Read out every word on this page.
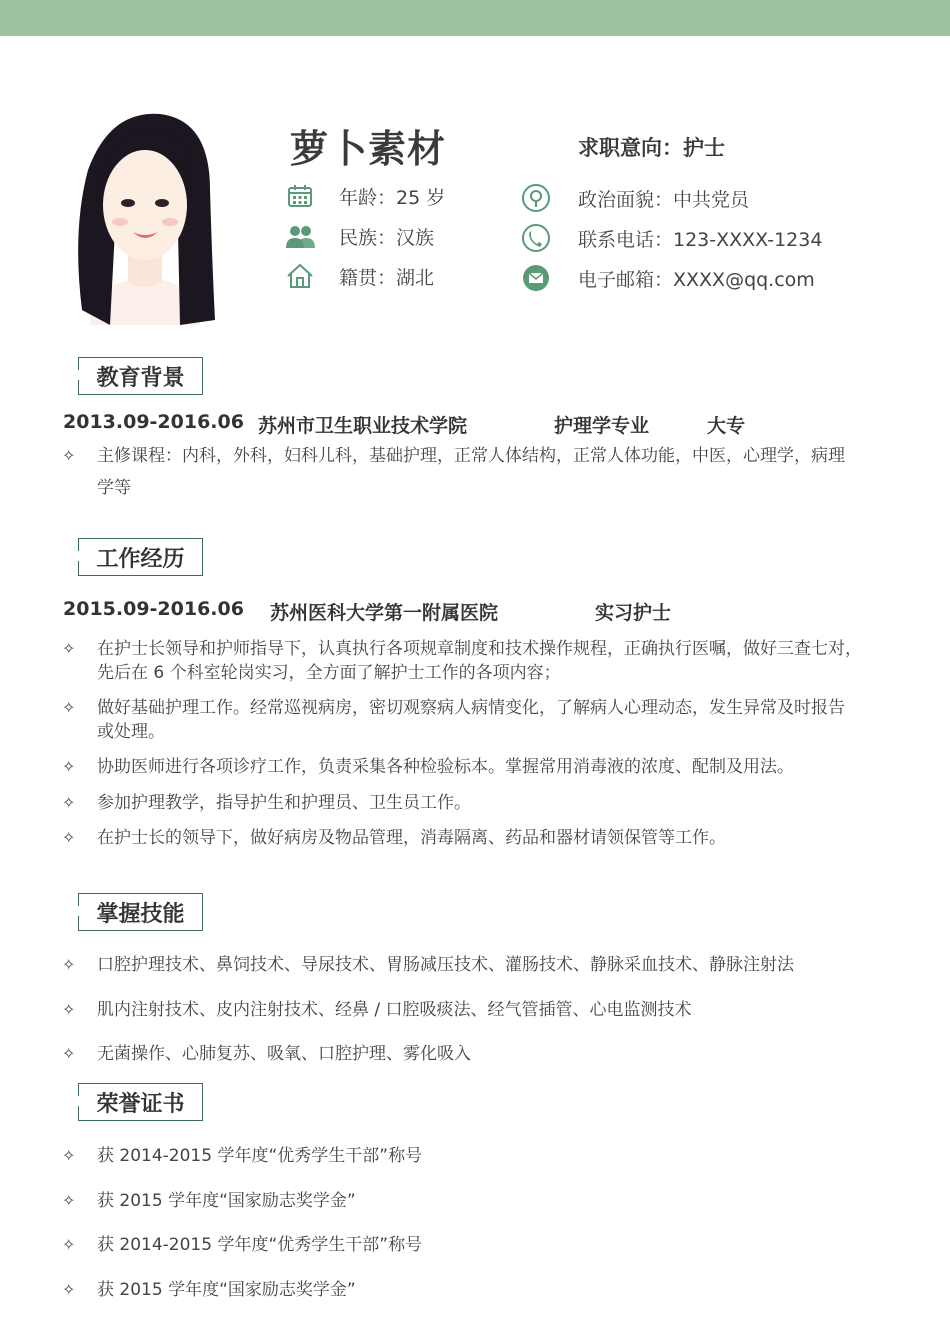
萝卜素材	求职意向：护士
年龄：25 岁
民族：汉族
籍贯：湖北
政治面貌：中共党员
联系电话：123-XXXX-1234
电子邮箱：XXXX@qq.com
教育背景
2013.09-2016.06 苏州市卫生职业技术学院	护理学专业	大专
✧ 主修课程：内科，外科，妇科儿科，基础护理，正常人体结构，正常人体功能，中医，心理学，病理
学等
工作经历
2015.09-2016.06 苏州医科大学第一附属医院	实习护士
✧ 在护士长领导和护师指导下，认真执行各项规章制度和技术操作规程，正确执行医嘱，做好三查七对，
先后在 6 个科室轮岗实习，全方面了解护士工作的各项内容；
✧ 做好基础护理工作。经常巡视病房，密切观察病人病情变化，了解病人心理动态，发生异常及时报告
或处理。
✧ 协助医师进行各项诊疗工作，负责采集各种检验标本。掌握常用消毒液的浓度、配制及用法。
✧ 参加护理教学，指导护生和护理员、卫生员工作。
✧ 在护士长的领导下，做好病房及物品管理，消毒隔离、药品和器材请领保管等工作。
掌握技能
✧ 口腔护理技术、鼻饲技术、导尿技术、胃肠减压技术、灌肠技术、静脉采血技术、静脉注射法
✧ 肌内注射技术、皮内注射技术、经鼻 / 口腔吸痰法、经气管插管、心电监测技术
✧ 无菌操作、心肺复苏、吸氧、口腔护理、雾化吸入
荣誉证书
✧ 获 2014-2015 学年度“优秀学生干部”称号
✧ 获 2015 学年度“国家励志奖学金”
✧ 获 2014-2015 学年度“优秀学生干部”称号
✧ 获 2015 学年度“国家励志奖学金”
